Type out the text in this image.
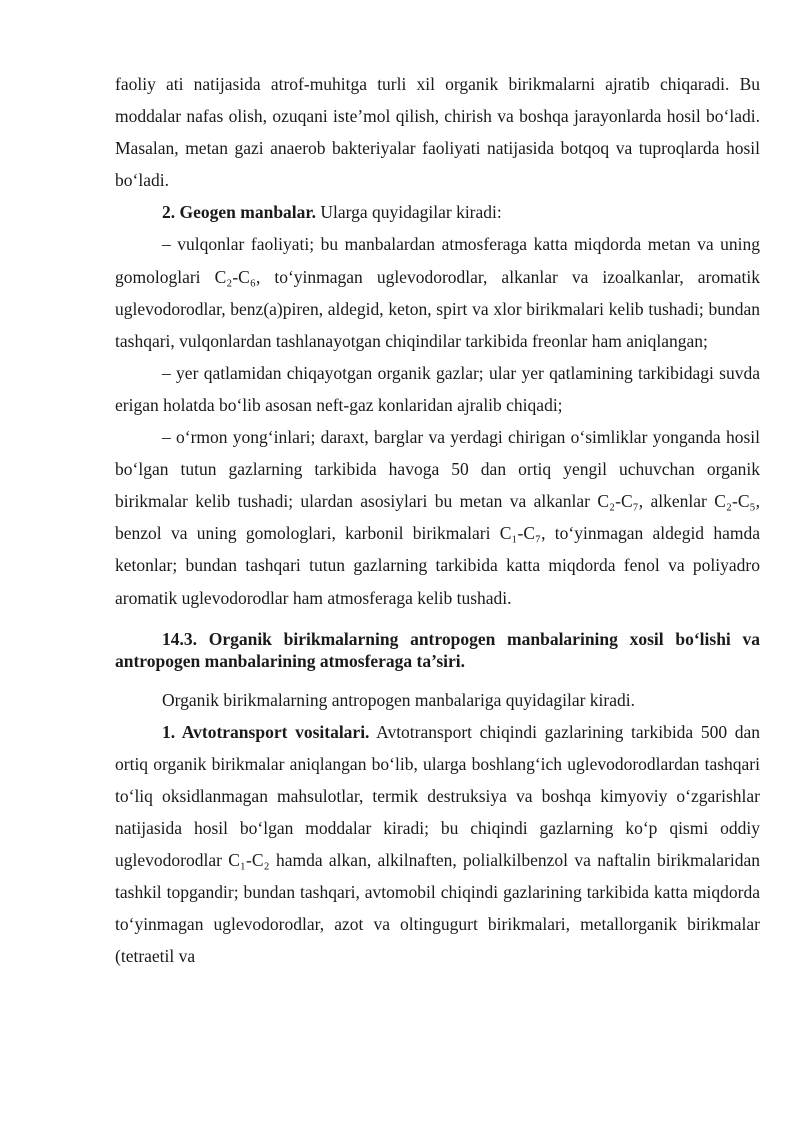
faoliy ati natijasida atrof-muhitga turli xil organik birikmalarni ajratib chiqaradi. Bu moddalar nafas olish, ozuqani iste’mol qilish, chirish va boshqa jarayonlarda hosil bo‘ladi. Masalan, metan gazi anaerob bakteriyalar faoliyati natijasida botqoq va tuproqlarda hosil bo‘ladi.

2. Geogen manbalar. Ularga quyidagilar kiradi:

– vulqonlar faoliyati; bu manbalardan atmosferaga katta miqdorda metan va uning gomologlari C₂-C₆, to‘yinmagan uglevodorodlar, alkanlar va izoalkanlar, aromatik uglevodorodlar, benz(a)piren, aldegid, keton, spirt va xlor birikmalari kelib tushadi; bundan tashqari, vulqonlardan tashlanayotgan chiqindilar tarkibida freonlar ham aniqlangan;

– yer qatlamidan chiqayotgan organik gazlar; ular yer qatlamining tarkibidagi suvda erigan holatda bo‘lib asosan neft-gaz konlaridan ajralib chiqadi;

– o‘rmon yong‘inlari; daraxt, barglar va yerdagi chirigan o‘simliklar yonganda hosil bo‘lgan tutun gazlarning tarkibida havoga 50 dan ortiq yengil uchuvchan organik birikmalar kelib tushadi; ulardan asosiylari bu metan va alkanlar C₂-C₇, alkenlar C₂-C₅, benzol va uning gomologlari, karbonil birikmalari C₁-C₇, to‘yinmagan aldegid hamda ketonlar; bundan tashqari tutun gazlarning tarkibida katta miqdorda fenol va poliyadro aromatik uglevodorodlar ham atmosferaga kelib tushadi.

14.3. Organik birikmalarning antropogen manbalarining xosil bo‘lishi va antropogen manbalarining atmosferaga ta’siri.

Organik birikmalarning antropogen manbalariga quyidagilar kiradi.

1. Avtotransport vositalari. Avtotransport chiqindi gazlarining tarkibida 500 dan ortiq organik birikmalar aniqlangan bo‘lib, ularga boshlang‘ich uglevodorodlardan tashqari to‘liq oksidlanmagan mahsulotlar, termik destruksiya va boshqa kimyoviy o‘zgarishlar natijasida hosil bo‘lgan moddalar kiradi; bu chiqindi gazlarning ko‘p qismi oddiy uglevodorodlar C₁-C₂ hamda alkan, alkilnaften, polialkilbenzol va naftalin birikmalaridan tashkil topgandir; bundan tashqari, avtomobil chiqindi gazlarining tarkibida katta miqdorda to‘yinmagan uglevodorodlar, azot va oltingugurt birikmalari, metallorganik birikmalar (tetraetil va
